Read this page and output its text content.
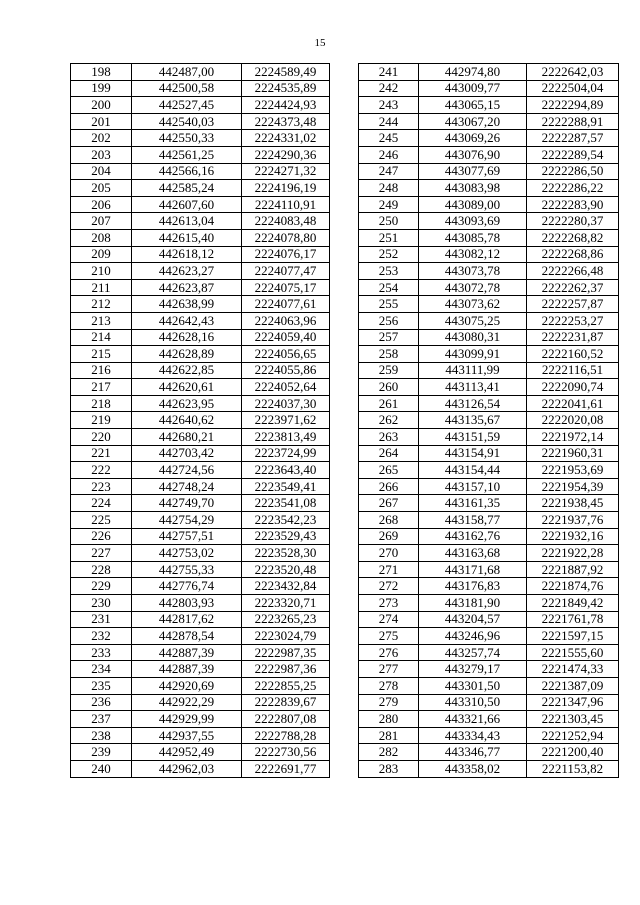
15
198	442487,00	2224589,49
199	442500,58	2224535,89
200	442527,45	2224424,93
201	442540,03	2224373,48
202	442550,33	2224331,02
203	442561,25	2224290,36
204	442566,16	2224271,32
205	442585,24	2224196,19
206	442607,60	2224110,91
207	442613,04	2224083,48
208	442615,40	2224078,80
209	442618,12	2224076,17
210	442623,27	2224077,47
211	442623,87	2224075,17
212	442638,99	2224077,61
213	442642,43	2224063,96
214	442628,16	2224059,40
215	442628,89	2224056,65
216	442622,85	2224055,86
217	442620,61	2224052,64
218	442623,95	2224037,30
219	442640,62	2223971,62
220	442680,21	2223813,49
221	442703,42	2223724,99
222	442724,56	2223643,40
223	442748,24	2223549,41
224	442749,70	2223541,08
225	442754,29	2223542,23
226	442757,51	2223529,43
227	442753,02	2223528,30
228	442755,33	2223520,48
229	442776,74	2223432,84
230	442803,93	2223320,71
231	442817,62	2223265,23
232	442878,54	2223024,79
233	442887,39	2222987,35
234	442887,39	2222987,36
235	442920,69	2222855,25
236	442922,29	2222839,67
237	442929,99	2222807,08
238	442937,55	2222788,28
239	442952,49	2222730,56
240	442962,03	2222691,77
241	442974,80	2222642,03
242	443009,77	2222504,04
243	443065,15	2222294,89
244	443067,20	2222288,91
245	443069,26	2222287,57
246	443076,90	2222289,54
247	443077,69	2222286,50
248	443083,98	2222286,22
249	443089,00	2222283,90
250	443093,69	2222280,37
251	443085,78	2222268,82
252	443082,12	2222268,86
253	443073,78	2222266,48
254	443072,78	2222262,37
255	443073,62	2222257,87
256	443075,25	2222253,27
257	443080,31	2222231,87
258	443099,91	2222160,52
259	443111,99	2222116,51
260	443113,41	2222090,74
261	443126,54	2222041,61
262	443135,67	2222020,08
263	443151,59	2221972,14
264	443154,91	2221960,31
265	443154,44	2221953,69
266	443157,10	2221954,39
267	443161,35	2221938,45
268	443158,77	2221937,76
269	443162,76	2221932,16
270	443163,68	2221922,28
271	443171,68	2221887,92
272	443176,83	2221874,76
273	443181,90	2221849,42
274	443204,57	2221761,78
275	443246,96	2221597,15
276	443257,74	2221555,60
277	443279,17	2221474,33
278	443301,50	2221387,09
279	443310,50	2221347,96
280	443321,66	2221303,45
281	443334,43	2221252,94
282	443346,77	2221200,40
283	443358,02	2221153,82
